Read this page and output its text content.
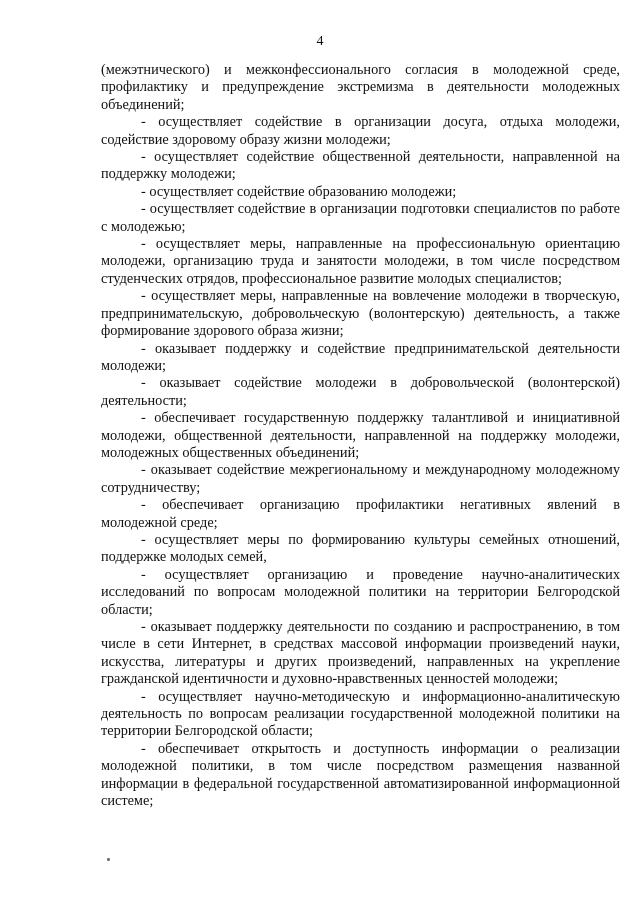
4

(межэтнического) и межконфессионального согласия в молодежной среде, профилактику и предупреждение экстремизма в деятельности молодежных объединений;

- осуществляет содействие в организации досуга, отдыха молодежи, содействие здоровому образу жизни молодежи;

- осуществляет содействие общественной деятельности, направленной на поддержку молодежи;

- осуществляет содействие образованию молодежи;

- осуществляет содействие в организации подготовки специалистов по работе с молодежью;

- осуществляет меры, направленные на профессиональную ориентацию молодежи, организацию труда и занятости молодежи, в том числе посредством студенческих отрядов, профессиональное развитие молодых специалистов;

- осуществляет меры, направленные на вовлечение молодежи в творческую, предпринимательскую, добровольческую (волонтерскую) деятельность, а также формирование здорового образа жизни;

- оказывает поддержку и содействие предпринимательской деятельности молодежи;

- оказывает содействие молодежи в добровольческой (волонтерской) деятельности;

- обеспечивает государственную поддержку талантливой и инициативной молодежи, общественной деятельности, направленной на поддержку молодежи, молодежных общественных объединений;

- оказывает содействие межрегиональному и международному молодежному сотрудничеству;

- обеспечивает организацию профилактики негативных явлений в молодежной среде;

- осуществляет меры по формированию культуры семейных отношений, поддержке молодых семей,

- осуществляет организацию и проведение научно-аналитических исследований по вопросам молодежной политики на территории Белгородской области;

- оказывает поддержку деятельности по созданию и распространению, в том числе в сети Интернет, в средствах массовой информации произведений науки, искусства, литературы и других произведений, направленных на укрепление гражданской идентичности и духовно-нравственных ценностей молодежи;

- осуществляет научно-методическую и информационно-аналитическую деятельность по вопросам реализации государственной молодежной политики на территории Белгородской области;

- обеспечивает открытость и доступность информации о реализации молодежной политики, в том числе посредством размещения названной информации в федеральной государственной автоматизированной информационной системе;
